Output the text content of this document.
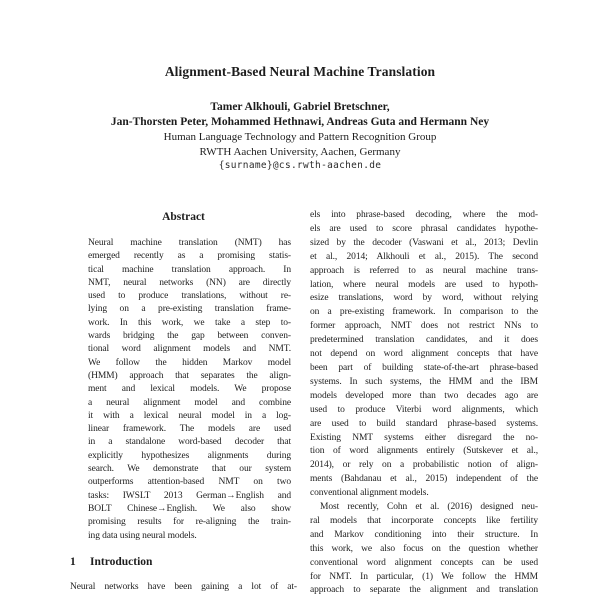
Alignment-Based Neural Machine Translation
Tamer Alkhouli, Gabriel Bretschner,
Jan-Thorsten Peter, Mohammed Hethnawi, Andreas Guta and Hermann Ney
Human Language Technology and Pattern Recognition Group
RWTH Aachen University, Aachen, Germany
{surname}@cs.rwth-aachen.de
Abstract
Neural machine translation (NMT) has
emerged recently as a promising statis-
tical machine translation approach. In
NMT, neural networks (NN) are directly
used to produce translations, without re-
lying on a pre-existing translation frame-
work. In this work, we take a step to-
wards bridging the gap between conven-
tional word alignment models and NMT.
We follow the hidden Markov model
(HMM) approach that separates the align-
ment and lexical models. We propose
a neural alignment model and combine
it with a lexical neural model in a log-
linear framework. The models are used
in a standalone word-based decoder that
explicitly hypothesizes alignments during
search. We demonstrate that our system
outperforms attention-based NMT on two
tasks: IWSLT 2013 German→English and
BOLT Chinese→English. We also show
promising results for re-aligning the train-
ing data using neural models.
1 Introduction
Neural networks have been gaining a lot of at-
els into phrase-based decoding, where the mod-
els are used to score phrasal candidates hypothe-
sized by the decoder (Vaswani et al., 2013; Devlin
et al., 2014; Alkhouli et al., 2015). The second
approach is referred to as neural machine trans-
lation, where neural models are used to hypoth-
esize translations, word by word, without relying
on a pre-existing framework. In comparison to the
former approach, NMT does not restrict NNs to
predetermined translation candidates, and it does
not depend on word alignment concepts that have
been part of building state-of-the-art phrase-based
systems. In such systems, the HMM and the IBM
models developed more than two decades ago are
used to produce Viterbi word alignments, which
are used to build standard phrase-based systems.
Existing NMT systems either disregard the no-
tion of word alignments entirely (Sutskever et al.,
2014), or rely on a probabilistic notion of align-
ments (Bahdanau et al., 2015) independent of the
conventional alignment models.
Most recently, Cohn et al. (2016) designed neu-
ral models that incorporate concepts like fertility
and Markov conditioning into their structure. In
this work, we also focus on the question whether
conventional word alignment concepts can be used
for NMT. In particular, (1) We follow the HMM
approach to separate the alignment and translation
